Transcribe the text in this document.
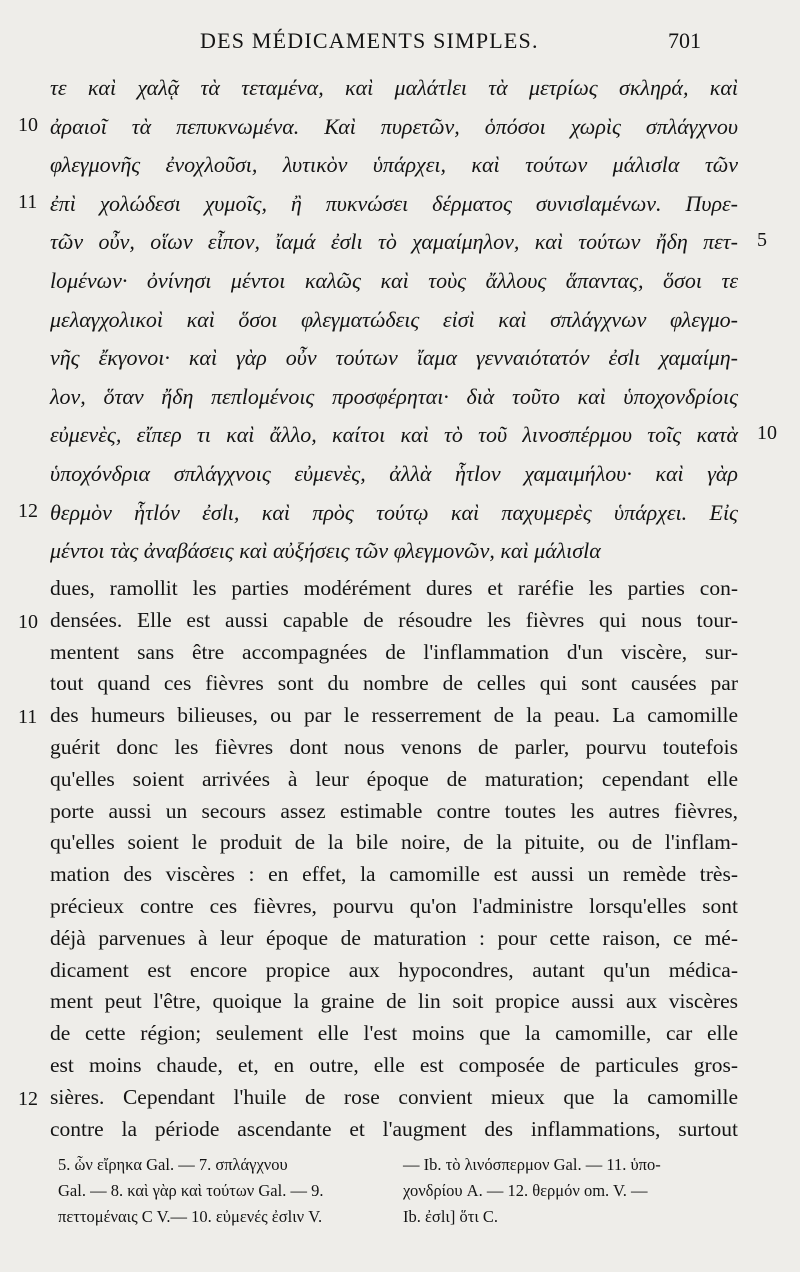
DES MÉDICAMENTS SIMPLES.	701
τε καὶ χαλᾷ τὰ τεταμένα, καὶ μαλάτlει τὰ μετρίως σκληρά, καὶ
ἀραιοῖ τὰ πεπυκνωμένα. Καὶ πυρετῶν, ὁπόσοι χωρὶς σπλάγχνου
φλεγμονῆς ἐνοχλοῦσι, λυτικὸν ὑπάρχει, καὶ τούτων μάλισlα τῶν
ἐπὶ χολώδεσι χυμοῖς, ἢ πυκνώσει δέρματος συνισlαμένων. Πυρε-
τῶν οὖν, οἵων εἶπον, ἴαμά ἐσlι τὸ χαμαίμηλον, καὶ τούτων ἤδη πετ-
lομένων· ὀνίνησι μέντοι καλῶς καὶ τοὺς ἄλλους ἅπαντας, ὅσοι τε
μελαγχολικοὶ καὶ ὅσοι φλεγματώδεις εἰσὶ καὶ σπλάγχνων φλεγμο-
νῆς ἔκγονοι· καὶ γὰρ οὖν τούτων ἴαμα γενναιότατόν ἐσlι χαμαίμη-
λον, ὅταν ἤδη πεπlομένοις προσφέρηται· διὰ τοῦτο καὶ ὑποχονδρίοις
εὐμενὲς, εἴπερ τι καὶ ἄλλο, καίτοι καὶ τὸ τοῦ λινοσπέρμου τοῖς κατὰ
ὑποχόνδρια σπλάγχνοις εὐμενὲς, ἀλλὰ ἧτlον χαμαιμήλου· καὶ γὰρ
θερμὸν ἧτlόν ἐσlι, καὶ πρὸς τούτῳ καὶ παχυμερὲς ὑπάρχει. Εἰς
μέντοι τὰς ἀναβάσεις καὶ αὐξήσεις τῶν φλεγμονῶν, καὶ μάλισlα
10
11
12
5
10
dues, ramollit les parties modérément dures et raréfie les parties con-
densées. Elle est aussi capable de résoudre les fièvres qui nous tour-
mentent sans être accompagnées de l'inflammation d'un viscère, sur-
tout quand ces fièvres sont du nombre de celles qui sont causées par
des humeurs bilieuses, ou par le resserrement de la peau. La camomille
guérit donc les fièvres dont nous venons de parler, pourvu toutefois
qu'elles soient arrivées à leur époque de maturation; cependant elle
porte aussi un secours assez estimable contre toutes les autres fièvres,
qu'elles soient le produit de la bile noire, de la pituite, ou de l'inflam-
mation des viscères : en effet, la camomille est aussi un remède très-
précieux contre ces fièvres, pourvu qu'on l'administre lorsqu'elles sont
déjà parvenues à leur époque de maturation : pour cette raison, ce mé-
dicament est encore propice aux hypocondres, autant qu'un médica-
ment peut l'être, quoique la graine de lin soit propice aussi aux viscères
de cette région; seulement elle l'est moins que la camomille, car elle
est moins chaude, et, en outre, elle est composée de particules gros-
sières. Cependant l'huile de rose convient mieux que la camomille
contre la période ascendante et l'augment des inflammations, surtout
10
11
12
5. ὧν εἴρηκα Gal. — 7. σπλάγχνου
Gal. — 8. καὶ γὰρ καὶ τούτων Gal. — 9.
πεττομέναις C V.— 10. εὐμενές ἐσlιν V.
— Ib. τὸ λινόσπερμον Gal. — 11. ὑπο-
χονδρίου A. — 12. θερμόν om. V. —
Ib. ἐσlι] ὅτι C.
